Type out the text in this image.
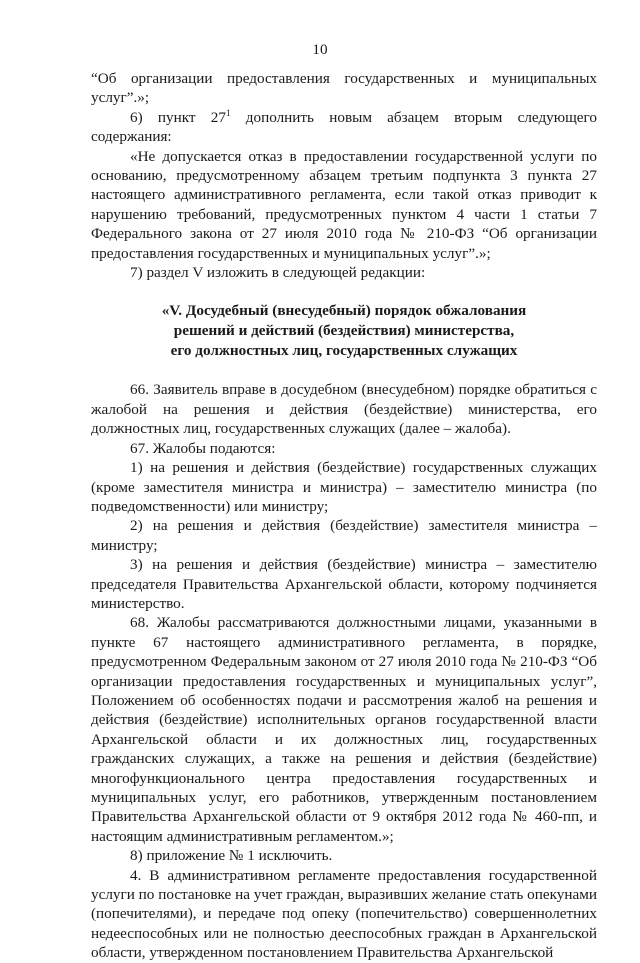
10

“Об организации предоставления государственных и муниципальных услуг”.»;

6) пункт $27^1$ дополнить новым абзацем вторым следующего содержания:

«Не допускается отказ в предоставлении государственной услуги по основанию, предусмотренному абзацем третьим подпункта 3 пункта 27 настоящего административного регламента, если такой отказ приводит к нарушению требований, предусмотренных пунктом 4 части 1 статьи 7 Федерального закона от 27 июля 2010 года № 210-ФЗ “Об организации предоставления государственных и муниципальных услуг”.»;

7) раздел V изложить в следующей редакции:

«V. Досудебный (внесудебный) порядок обжалования

решений и действий (бездействия) министерства,

его должностных лиц, государственных служащих

66. Заявитель вправе в досудебном (внесудебном) порядке обратиться с жалобой на решения и действия (бездействие) министерства, его должностных лиц, государственных служащих (далее – жалоба).

67. Жалобы подаются:

1) на решения и действия (бездействие) государственных служащих (кроме заместителя министра и министра) – заместителю министра (по подведомственности) или министру;

2) на решения и действия (бездействие) заместителя министра – министру;

3) на решения и действия (бездействие) министра – заместителю председателя Правительства Архангельской области, которому подчиняется министерство.

68. Жалобы рассматриваются должностными лицами, указанными в пункте 67 настоящего административного регламента, в порядке, предусмотренном Федеральным законом от 27 июля 2010 года № 210-ФЗ “Об организации предоставления государственных и муниципальных услуг”, Положением об особенностях подачи и рассмотрения жалоб на решения и действия (бездействие) исполнительных органов государственной власти Архангельской области и их должностных лиц, государственных гражданских служащих, а также на решения и действия (бездействие) многофункционального центра предоставления государственных и муниципальных услуг, его работников, утвержденным постановлением Правительства Архангельской области от 9 октября 2012 года № 460-пп, и настоящим административным регламентом.»;

8) приложение № 1 исключить.

4. В административном регламенте предоставления государственной услуги по постановке на учет граждан, выразивших желание стать опекунами (попечителями), и передаче под опеку (попечительство) совершеннолетних недееспособных или не полностью дееспособных граждан в Архангельской области, утвержденном постановлением Правительства Архангельской
